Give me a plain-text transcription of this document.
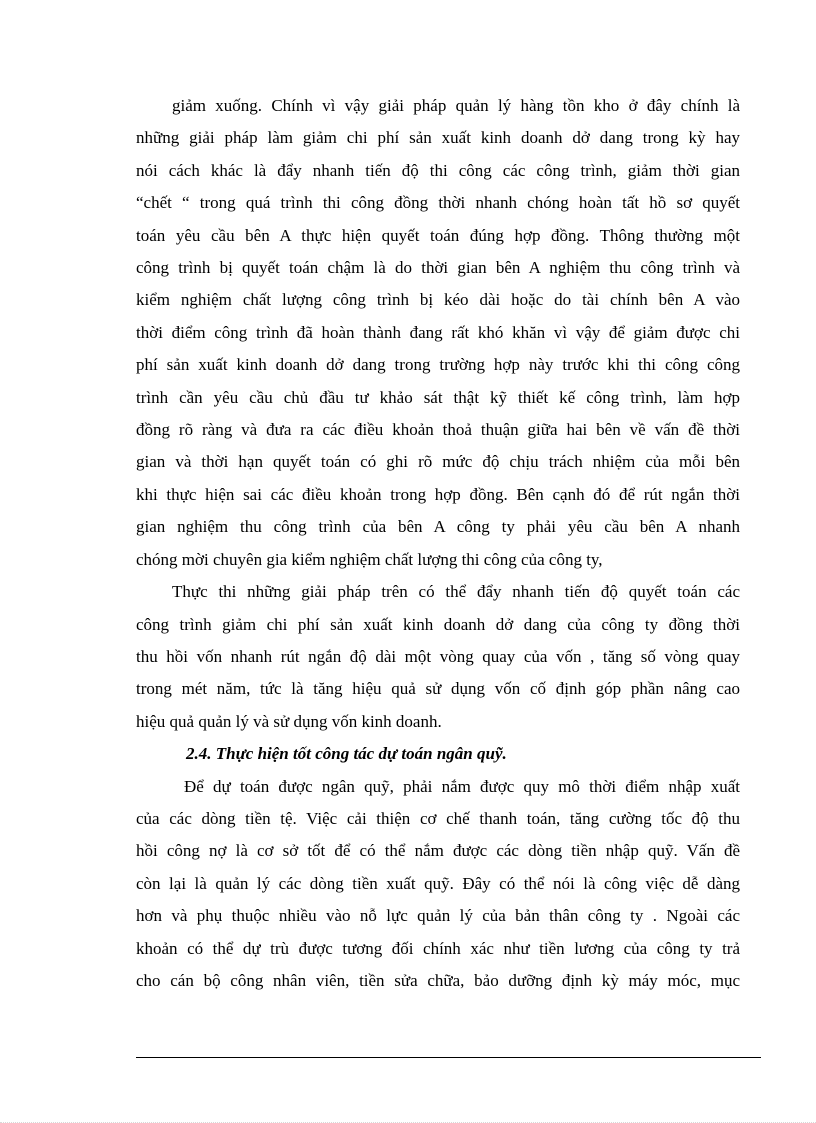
giảm xuống. Chính vì vậy giải pháp quản lý hàng tồn kho ở đây chính là
những giải pháp làm giảm chi phí sản xuất kinh doanh dở dang trong kỳ hay
nói cách khác là đẩy nhanh tiến độ thi công các công trình, giảm thời gian
“chết “ trong quá trình thi công đồng thời nhanh chóng hoàn tất hồ sơ quyết
toán yêu cầu bên A thực hiện quyết toán đúng hợp đồng. Thông thường một
công trình bị quyết toán chậm là do thời gian bên A nghiệm thu công trình và
kiểm nghiệm chất lượng công trình bị kéo dài hoặc do tài chính bên A vào
thời điểm công trình đã hoàn thành đang rất khó khăn vì vậy để giảm được chi
phí sản xuất kinh doanh dở dang trong trường hợp này trước khi thi công công
trình cần yêu cầu chủ đầu tư khảo sát thật kỹ thiết kế công trình, làm hợp
đồng rõ ràng và đưa ra các điều khoản thoả thuận giữa hai bên về vấn đề thời
gian và thời hạn quyết toán có ghi rõ mức độ chịu trách nhiệm của mỗi bên
khi thực hiện sai các điều khoản trong hợp đồng. Bên cạnh đó để rút ngắn thời
gian nghiệm thu công trình của bên A công ty phải yêu cầu bên A nhanh
chóng mời chuyên gia kiểm nghiệm chất lượng thi công của công ty,
Thực thi những giải pháp trên có thể đẩy nhanh tiến độ quyết toán các
công trình giảm chi phí sản xuất kinh doanh dở dang của công ty đồng thời
thu hồi vốn nhanh rút ngắn độ dài một vòng quay của vốn , tăng số vòng quay
trong mét năm, tức là tăng hiệu quả sử dụng vốn cố định góp phần nâng cao
hiệu quả quản lý và sử dụng vốn kinh doanh.
2.4. Thực hiện tốt công tác dự toán ngân quỹ.
Để dự toán được ngân quỹ, phải nắm được quy mô thời điểm nhập xuất
của các dòng tiền tệ. Việc cải thiện cơ chế thanh toán, tăng cường tốc độ thu
hồi công nợ là cơ sở tốt để có thể nắm được các dòng tiền nhập quỹ. Vấn đề
còn lại là quản lý các dòng tiền xuất quỹ. Đây có thể nói là công việc dễ dàng
hơn và phụ thuộc nhiều vào nỗ lực quản lý của bản thân công ty . Ngoài các
khoản có thể dự trù được tương đối chính xác như tiền lương của công ty trả
cho cán bộ công nhân viên, tiền sửa chữa, bảo dưỡng định kỳ máy móc, mục
